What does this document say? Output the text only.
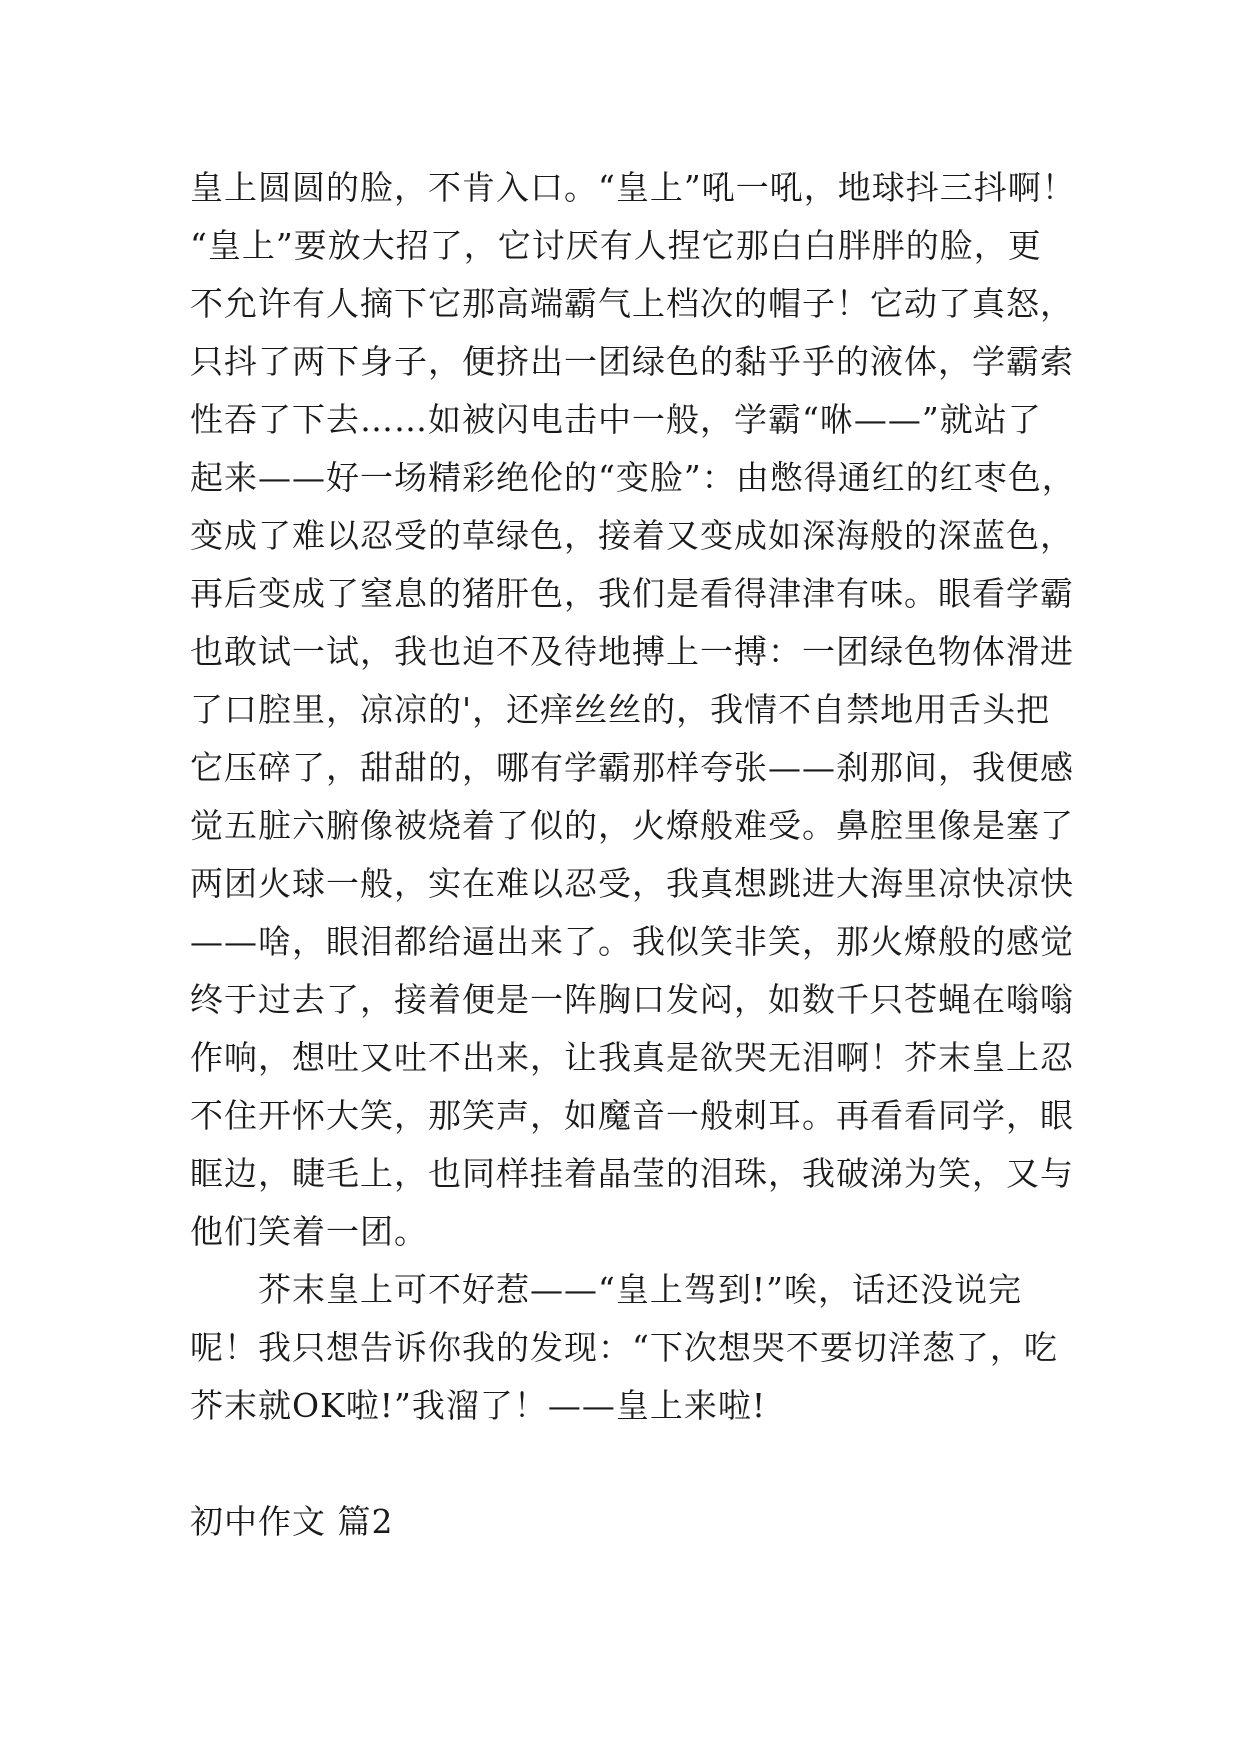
皇上圆圆的脸，不肯入口。“皇上”吼一吼，地球抖三抖啊！
“皇上”要放大招了，它讨厌有人捏它那白白胖胖的脸，更
不允许有人摘下它那高端霸气上档次的帽子！它动了真怒，
只抖了两下身子，便挤出一团绿色的黏乎乎的液体，学霸索
性吞了下去……如被闪电击中一般，学霸“咻——”就站了
起来——好一场精彩绝伦的“变脸”：由憋得通红的红枣色，
变成了难以忍受的草绿色，接着又变成如深海般的深蓝色，
再后变成了窒息的猪肝色，我们是看得津津有味。眼看学霸
也敢试一试，我也迫不及待地搏上一搏：一团绿色物体滑进
了口腔里，凉凉的'，还痒丝丝的，我情不自禁地用舌头把
它压碎了，甜甜的，哪有学霸那样夸张——刹那间，我便感
觉五脏六腑像被烧着了似的，火燎般难受。鼻腔里像是塞了
两团火球一般，实在难以忍受，我真想跳进大海里凉快凉快
——啥，眼泪都给逼出来了。我似笑非笑，那火燎般的感觉
终于过去了，接着便是一阵胸口发闷，如数千只苍蝇在嗡嗡
作响，想吐又吐不出来，让我真是欲哭无泪啊！芥末皇上忍
不住开怀大笑，那笑声，如魔音一般刺耳。再看看同学，眼
眶边，睫毛上，也同样挂着晶莹的泪珠，我破涕为笑，又与
他们笑着一团。
芥末皇上可不好惹——“皇上驾到!”唉，话还没说完
呢！我只想告诉你我的发现：“下次想哭不要切洋葱了，吃
芥末就OK啦!”我溜了！——皇上来啦!
初中作文 篇2
